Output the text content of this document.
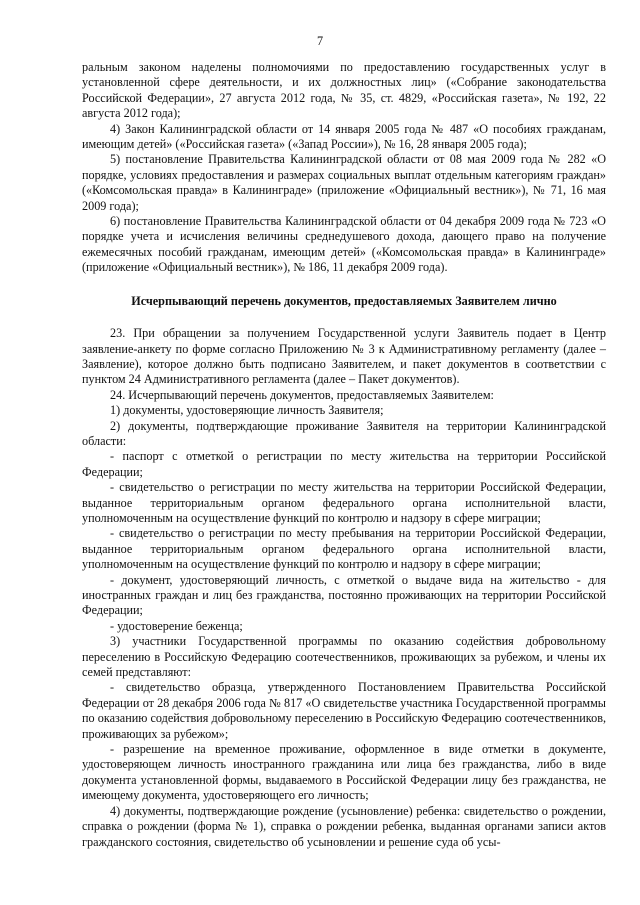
7

ральным законом наделены полномочиями по предоставлению государственных услуг в установленной сфере деятельности, и их должностных лиц» («Собрание законодательства Российской Федерации», 27 августа 2012 года, № 35, ст. 4829, «Российская газета», № 192, 22 августа 2012 года);

4) Закон Калининградской области от 14 января 2005 года № 487 «О пособиях гражданам, имеющим детей» («Российская газета» («Запад России»), № 16, 28 января 2005 года);

5) постановление Правительства Калининградской области от 08 мая 2009 года № 282 «О порядке, условиях предоставления и размерах социальных выплат отдельным категориям граждан» («Комсомольская правда» в Калининграде» (приложение «Официальный вестник»), № 71, 16 мая 2009 года);

6) постановление Правительства Калининградской области от 04 декабря 2009 года № 723 «О порядке учета и исчисления величины среднедушевого дохода, дающего право на получение ежемесячных пособий гражданам, имеющим детей» («Комсомольская правда» в Калининграде» (приложение «Официальный вестник»), № 186, 11 декабря 2009 года).

Исчерпывающий перечень документов, предоставляемых Заявителем лично

23. При обращении за получением Государственной услуги Заявитель подает в Центр заявление-анкету по форме согласно Приложению № 3 к Административному регламенту (далее – Заявление), которое должно быть подписано Заявителем, и пакет документов в соответствии с пунктом 24 Административного регламента (далее – Пакет документов).

24. Исчерпывающий перечень документов, предоставляемых Заявителем:

1) документы, удостоверяющие личность Заявителя;

2) документы, подтверждающие проживание Заявителя на территории Калининградской области:

- паспорт с отметкой о регистрации по месту жительства на территории Российской Федерации;

- свидетельство о регистрации по месту жительства на территории Российской Федерации, выданное территориальным органом федерального органа исполнительной власти, уполномоченным на осуществление функций по контролю и надзору в сфере миграции;

- свидетельство о регистрации по месту пребывания на территории Российской Федерации, выданное территориальным органом федерального органа исполнительной власти, уполномоченным на осуществление функций по контролю и надзору в сфере миграции;

- документ, удостоверяющий личность, с отметкой о выдаче вида на жительство - для иностранных граждан и лиц без гражданства, постоянно проживающих на территории Российской Федерации;

- удостоверение беженца;

3) участники Государственной программы по оказанию содействия добровольному переселению в Российскую Федерацию соотечественников, проживающих за рубежом, и члены их семей представляют:

- свидетельство образца, утвержденного Постановлением Правительства Российской Федерации от 28 декабря 2006 года № 817 «О свидетельстве участника Государственной программы по оказанию содействия добровольному переселению в Российскую Федерацию соотечественников, проживающих за рубежом»;

- разрешение на временное проживание, оформленное в виде отметки в документе, удостоверяющем личность иностранного гражданина или лица без гражданства, либо в виде документа установленной формы, выдаваемого в Российской Федерации лицу без гражданства, не имеющему документа, удостоверяющего его личность;

4) документы, подтверждающие рождение (усыновление) ребенка: свидетельство о рождении, справка о рождении (форма № 1), справка о рождении ребенка, выданная органами записи актов гражданского состояния, свидетельство об усыновлении и решение суда об усы-
